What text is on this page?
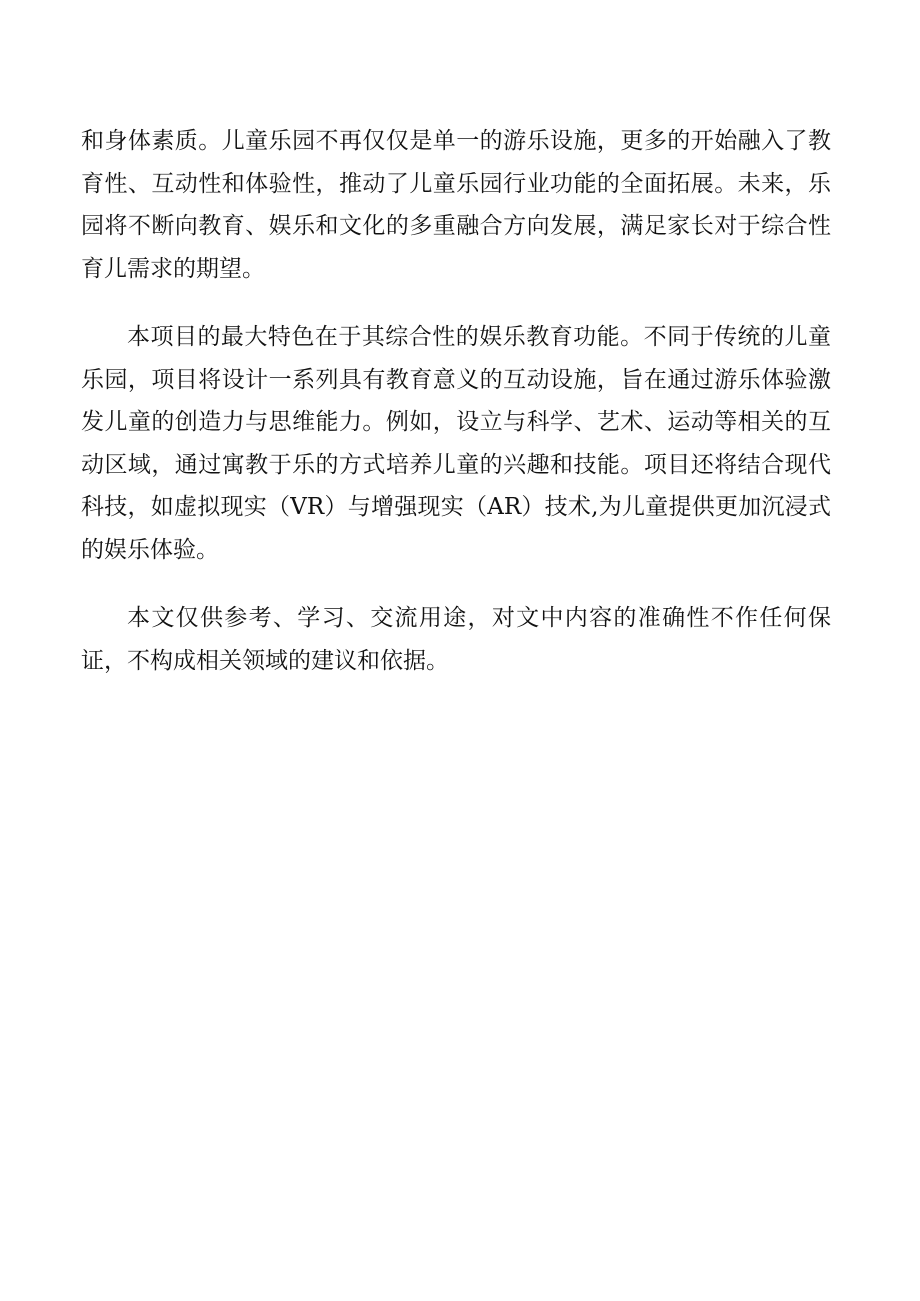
和身体素质。儿童乐园不再仅仅是单一的游乐设施，更多的开始融入了教育性、互动性和体验性，推动了儿童乐园行业功能的全面拓展。未来，乐园将不断向教育、娱乐和文化的多重融合方向发展，满足家长对于综合性育儿需求的期望。

本项目的最大特色在于其综合性的娱乐教育功能。不同于传统的儿童乐园，项目将设计一系列具有教育意义的互动设施，旨在通过游乐体验激发儿童的创造力与思维能力。例如，设立与科学、艺术、运动等相关的互动区域，通过寓教于乐的方式培养儿童的兴趣和技能。项目还将结合现代科技，如虚拟现实（VR）与增强现实（AR）技术,为儿童提供更加沉浸式的娱乐体验。

本文仅供参考、学习、交流用途，对文中内容的准确性不作任何保证，不构成相关领域的建议和依据。
